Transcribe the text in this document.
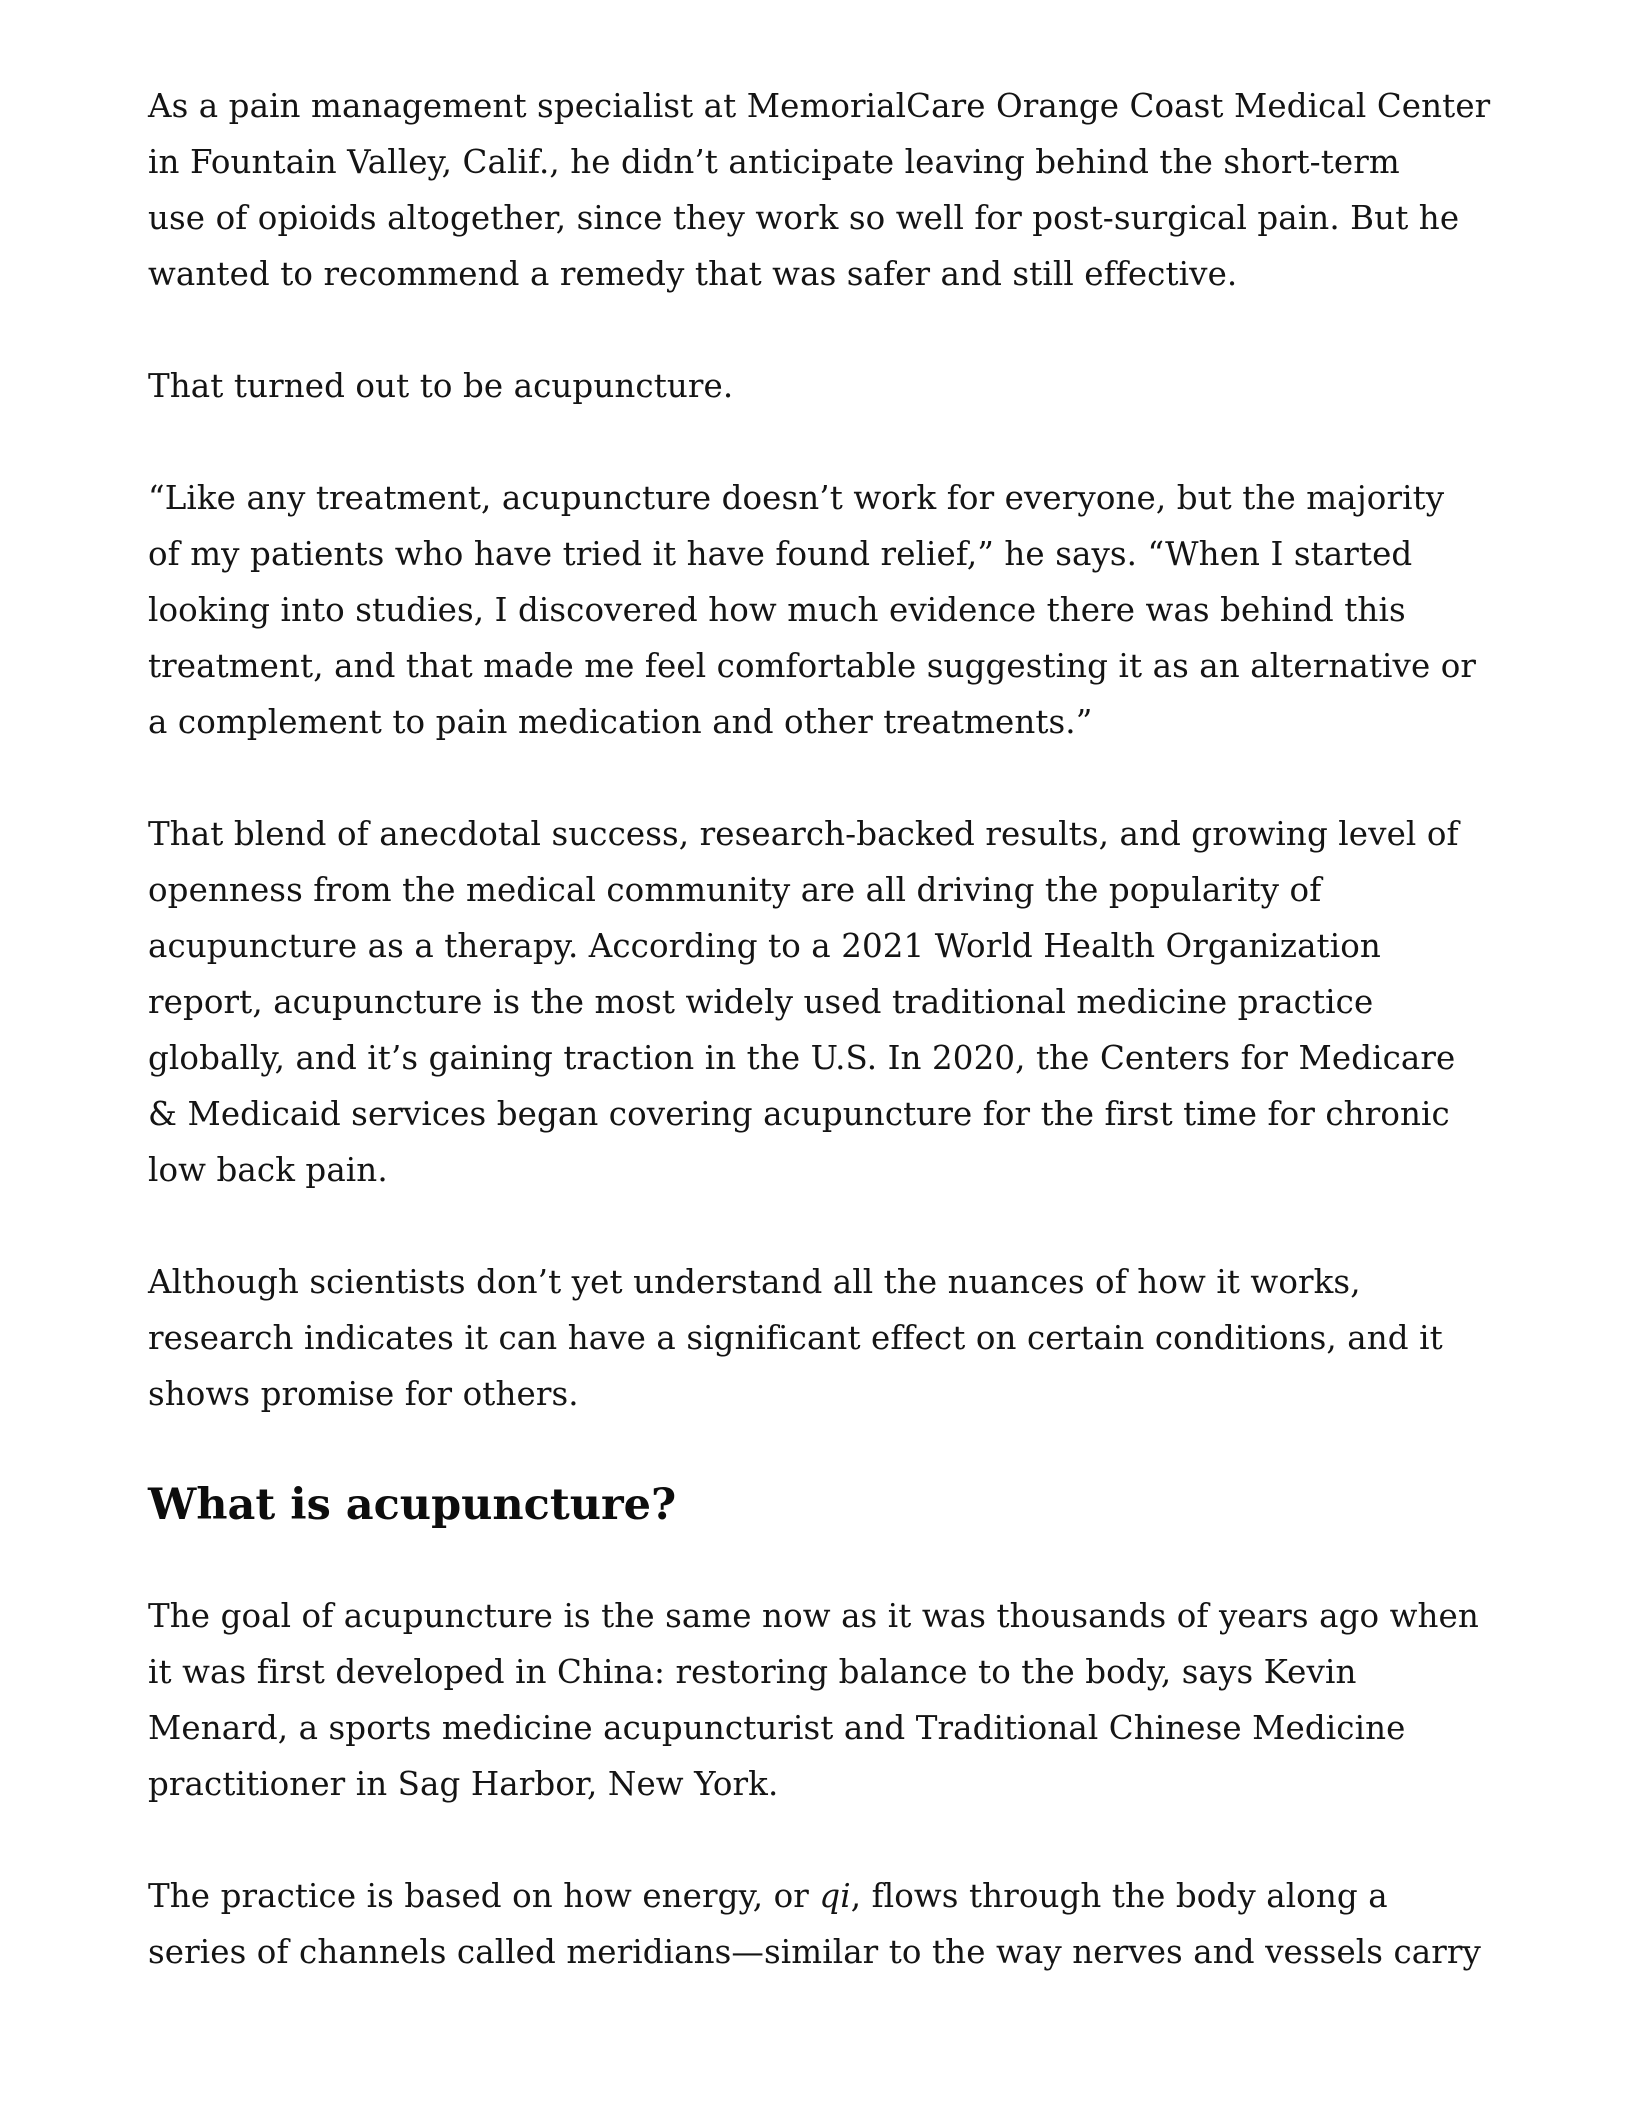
As a pain management specialist at MemorialCare Orange Coast Medical Center
in Fountain Valley, Calif., he didn’t anticipate leaving behind the short-term
use of opioids altogether, since they work so well for post-surgical pain. But he
wanted to recommend a remedy that was safer and still effective.

That turned out to be acupuncture.

“Like any treatment, acupuncture doesn’t work for everyone, but the majority
of my patients who have tried it have found relief,” he says. “When I started
looking into studies, I discovered how much evidence there was behind this
treatment, and that made me feel comfortable suggesting it as an alternative or
a complement to pain medication and other treatments.”

That blend of anecdotal success, research-backed results, and growing level of
openness from the medical community are all driving the popularity of
acupuncture as a therapy. According to a 2021 World Health Organization
report, acupuncture is the most widely used traditional medicine practice
globally, and it’s gaining traction in the U.S. In 2020, the Centers for Medicare
& Medicaid services began covering acupuncture for the first time for chronic
low back pain.

Although scientists don’t yet understand all the nuances of how it works,
research indicates it can have a significant effect on certain conditions, and it
shows promise for others.

What is acupuncture?

The goal of acupuncture is the same now as it was thousands of years ago when
it was first developed in China: restoring balance to the body, says Kevin
Menard, a sports medicine acupuncturist and Traditional Chinese Medicine
practitioner in Sag Harbor, New York.

The practice is based on how energy, or qi, flows through the body along a
series of channels called meridians—similar to the way nerves and vessels carry
